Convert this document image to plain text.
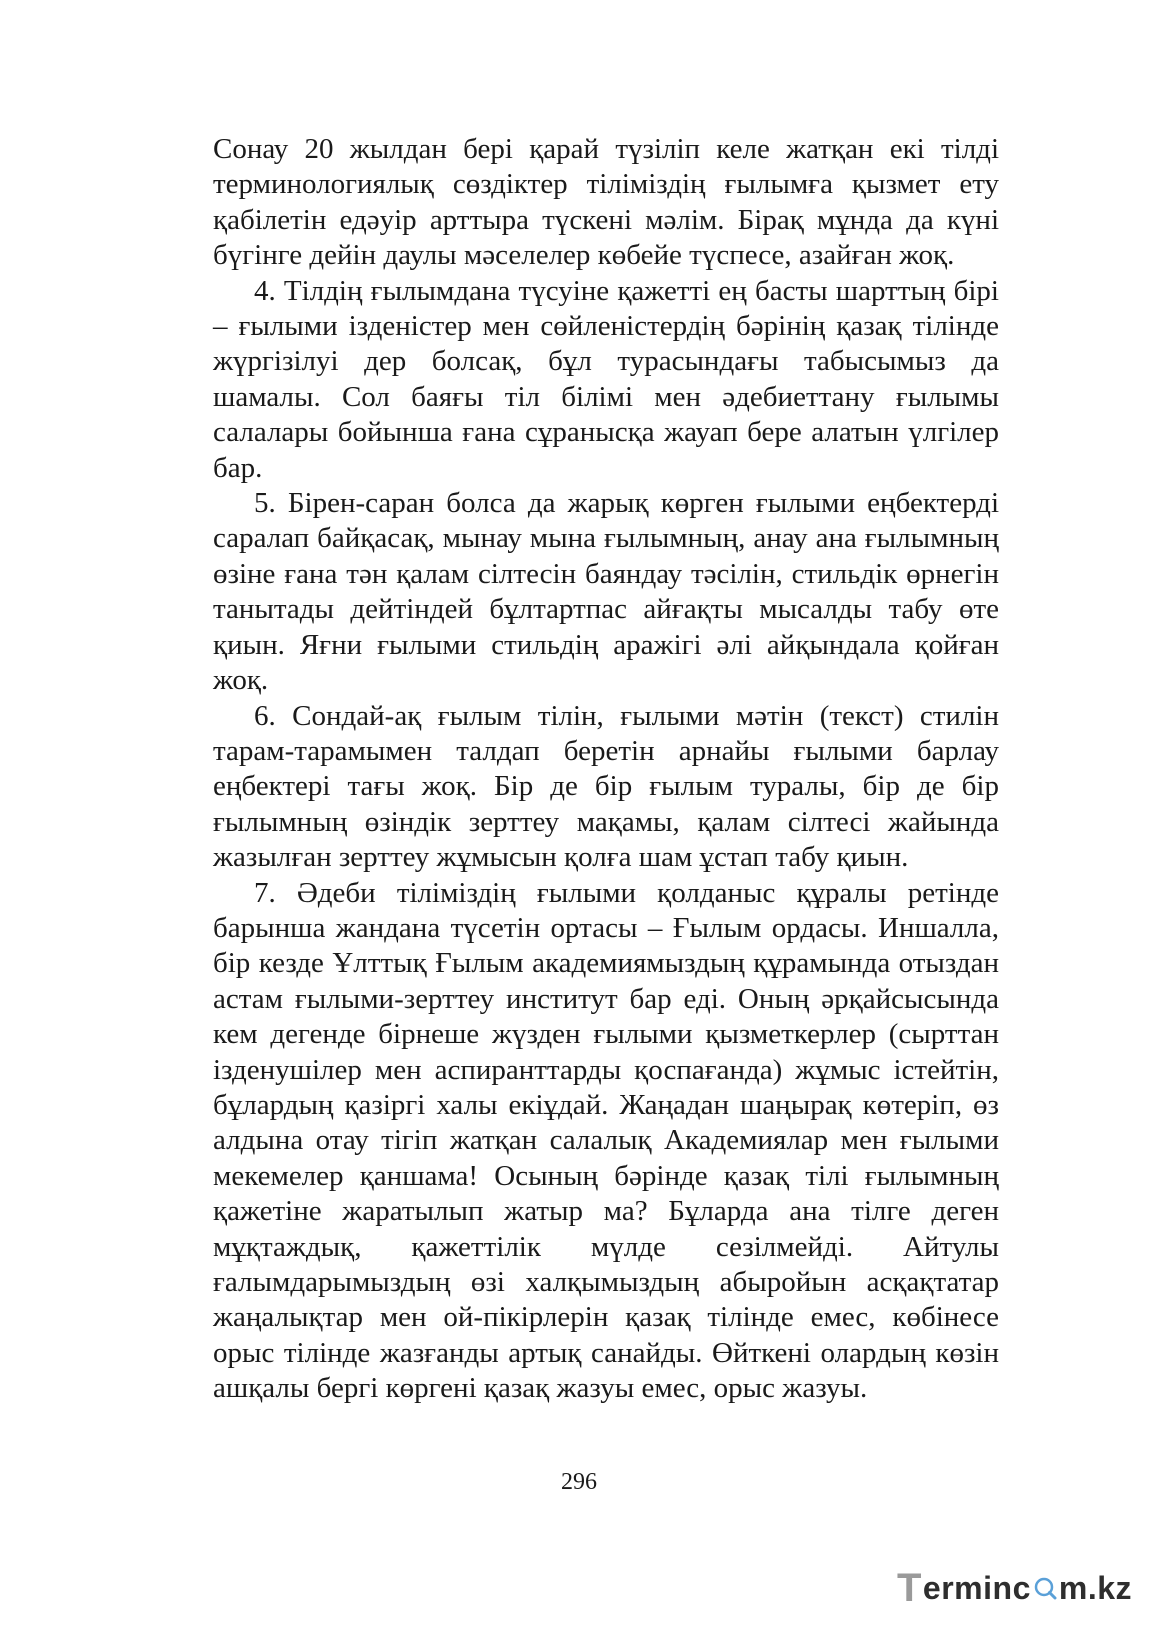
Сонау 20 жылдан бері қарай түзіліп келе жатқан екі тілді терминологиялық сөздіктер тіліміздің ғылымға қызмет ету қабілетін едәуір арттыра түскені мәлім. Бірақ мұнда да күні бүгінге дейін даулы мәселелер көбейе түспесе, азайған жоқ.

4. Тілдің ғылымдана түсуіне қажетті ең басты шарттың бірі – ғылыми ізденістер мен сөйленістердің бәрінің қазақ тілінде жүргізілуі дер болсақ, бұл турасындағы табысымыз да шамалы. Сол баяғы тіл білімі мен әдебиеттану ғылымы салалары бойынша ғана сұранысқа жауап бере алатын үлгілер бар.

5. Бірен-саран болса да жарық көрген ғылыми еңбектерді саралап байқасақ, мынау мына ғылымның, анау ана ғылымның өзіне ғана тән қалам сілтесін баяндау тәсілін, стильдік өрнегін танытады дейтіндей бұлтартпас айғақты мысалды табу өте қиын. Яғни ғылыми стильдің аражігі әлі айқындала қойған жоқ.

6. Сондай-ақ ғылым тілін, ғылыми мәтін (текст) стилін тарам-тарамымен талдап беретін арнайы ғылыми барлау еңбектері тағы жоқ. Бір де бір ғылым туралы, бір де бір ғылымның өзіндік зерттеу мақамы, қалам сілтесі жайында жазылған зерттеу жұмысын қолға шам ұстап табу қиын.

7. Әдеби тіліміздің ғылыми қолданыс құралы ретінде барынша жандана түсетін ортасы – Ғылым ордасы. Иншалла, бір кезде Ұлттық Ғылым академиямыздың құрамында отыздан астам ғылыми-зерттеу институт бар еді. Оның әрқайсысында кем дегенде бірнеше жүзден ғылыми қызметкерлер (сырттан ізденушілер мен аспиранттарды қоспағанда) жұмыс істейтін, бұлардың қазіргі халы екіұдай. Жаңадан шаңырақ көтеріп, өз алдына отау тігіп жатқан салалық Академиялар мен ғылыми мекемелер қаншама! Осының бәрінде қазақ тілі ғылымның қажетіне жаратылып жатыр ма? Бұларда ана тілге деген мұқтаждық, қажеттілік мүлде сезілмейді. Айтулы ғалымдарымыздың өзі халқымыздың абыройын асқақтатар жаңалықтар мен ой-пікірлерін қазақ тілінде емес, көбінесе орыс тілінде жазғанды артық санайды. Өйткені олардың көзін ашқалы бергі көргені қазақ жазуы емес, орыс жазуы.

296
T erminc m.kz
